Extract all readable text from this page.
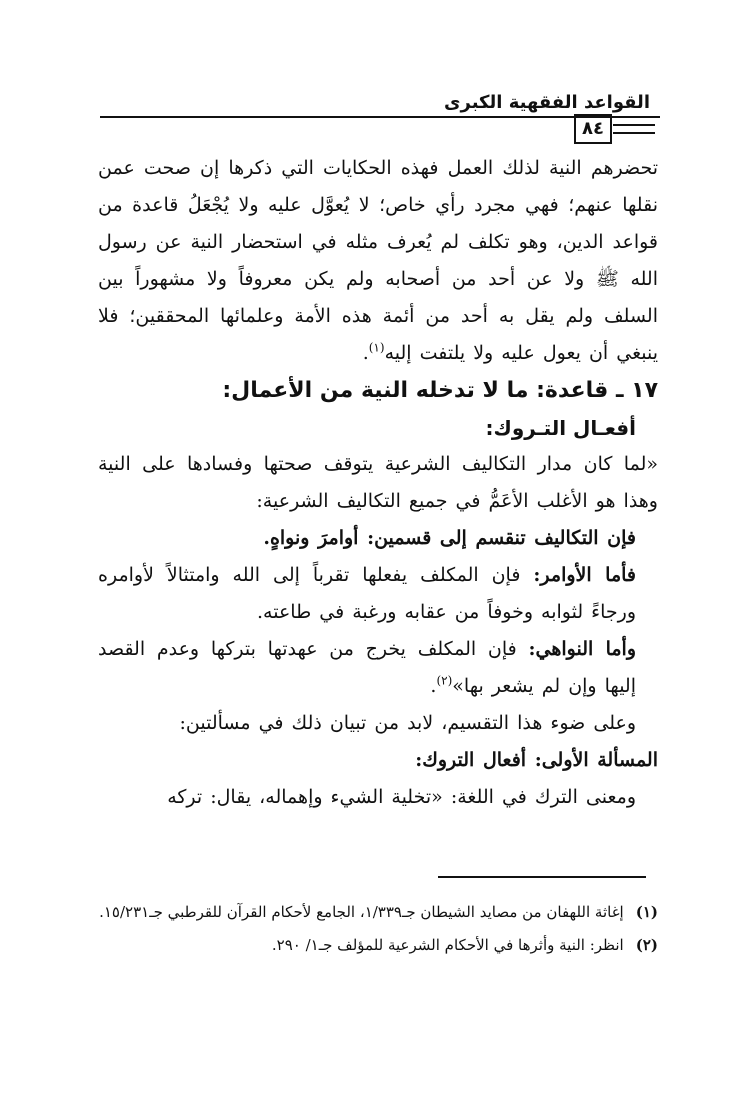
القواعد الفقهية الكبرى
٨٤

تحضرهم النية لذلك العمل فهذه الحكايات التي ذكرها إن صحت عمن نقلها عنهم؛ فهي مجرد رأي خاص؛ لا يُعوَّل عليه ولا يُجْعَلُ قاعدة من قواعد الدين، وهو تكلف لم يُعرف مثله في استحضار النية عن رسول الله ﷺ ولا عن أحد من أصحابه ولم يكن معروفاً ولا مشهوراً بين السلف ولم يقل به أحد من أئمة هذه الأمة وعلمائها المحققين؛ فلا ينبغي أن يعول عليه ولا يلتفت إليه$^{(١)}$.

١٧ ـ قاعدة: ما لا تدخله النية من الأعمال:

أفعـال التـروك:

«لما كان مدار التكاليف الشرعية يتوقف صحتها وفسادها على النية وهذا هو الأغلب الأعَمُّ في جميع التكاليف الشرعية:

فإن التكاليف تنقسم إلى قسمين: أوامرَ ونواهٍ.

فأما الأوامر: فإن المكلف يفعلها تقرباً إلى الله وامتثالاً لأوامره ورجاءً لثوابه وخوفاً من عقابه ورغبة في طاعته.

وأما النواهي: فإن المكلف يخرج من عهدتها بتركها وعدم القصد إليها وإن لم يشعر بها»$^{(٢)}$.

وعلى ضوء هذا التقسيم، لابد من تبيان ذلك في مسألتين:

المسألة الأولى: أفعال التروك:

ومعنى الترك في اللغة: «تخلية الشيء وإهماله، يقال: تركه

(١)إغاثة اللهفان من مصايد الشيطان جـ١/٣٣٩، الجامع لأحكام القرآن للقرطبي جـ١٥/٢٣١.

(٢)انظر: النية وأثرها في الأحكام الشرعية للمؤلف جـ١/ ٢٩٠.
